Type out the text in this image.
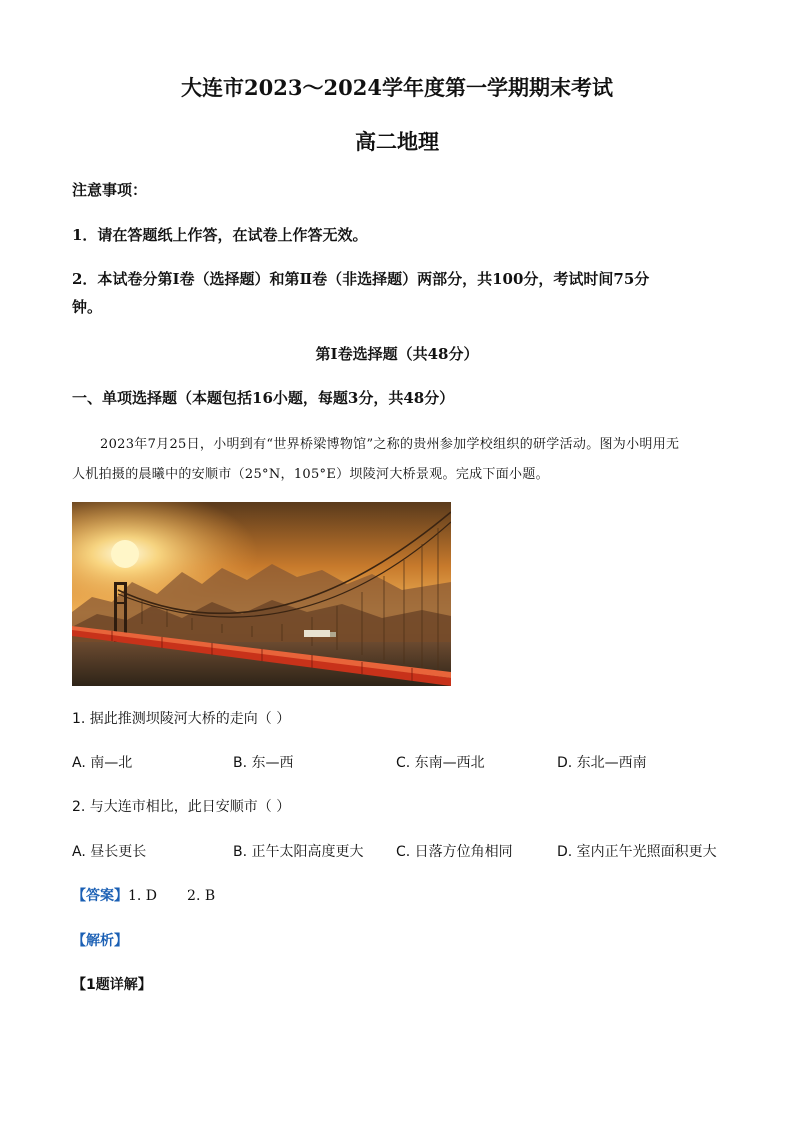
大连市2023～2024学年度第一学期期末考试
高二地理
注意事项：
1．请在答题纸上作答，在试卷上作答无效。
2．本试卷分第Ⅰ卷（选择题）和第Ⅱ卷（非选择题）两部分，共100分，考试时间75分
钟。
第Ⅰ卷选择题（共48分）
一、单项选择题（本题包括16小题，每题3分，共48分）
2023年7月25日，小明到有“世界桥梁博物馆”之称的贵州参加学校组织的研学活动。图为小明用无
人机拍摄的晨曦中的安顺市（25°N，105°E）坝陵河大桥景观。完成下面小题。
1. 据此推测坝陵河大桥的走向（ ）
A. 南—北	B. 东—西	C. 东南—西北	D. 东北—西南
2. 与大连市相比，此日安顺市（ ）
A. 昼长更长	B. 正午太阳高度更大 C. 日落方位角相同	D. 室内正午光照面积更大
【答案】1. D 2. B
【解析】
【1题详解】
